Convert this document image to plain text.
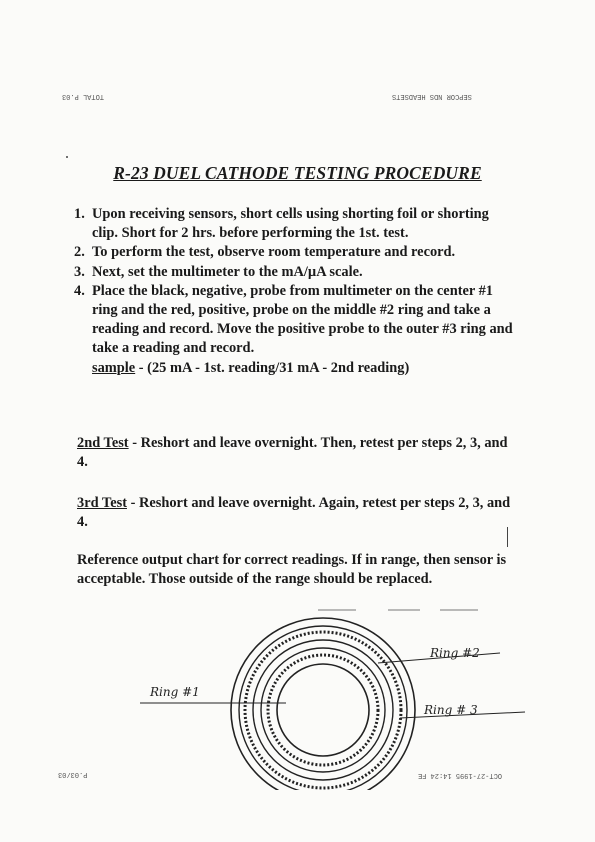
TOTAL P.03	SEPCOR NDS HEADSETS
P.03/03	OCT-27-1995 14:24 FE
R-23 DUEL CATHODE TESTING PROCEDURE
1. Upon receiving sensors, short cells using shorting foil or shorting clip. Short for 2 hrs. before performing the 1st. test.
2. To perform the test, observe room temperature and record.
3. Next, set the multimeter to the mA/µA scale.
4. Place the black, negative, probe from multimeter on the center #1 ring and the red, positive, probe on the middle #2 ring and take a reading and record. Move the positive probe to the outer #3 ring and take a reading and record.
sample - (25 mA - 1st. reading/31 mA - 2nd reading)
2nd Test - Reshort and leave overnight. Then, retest per steps 2, 3, and 4.
3rd Test - Reshort and leave overnight. Again, retest per steps 2, 3, and 4.
Reference output chart for correct readings. If in range, then sensor is acceptable. Those outside of the range should be replaced.
Ring #1
Ring #2
Ring # 3
